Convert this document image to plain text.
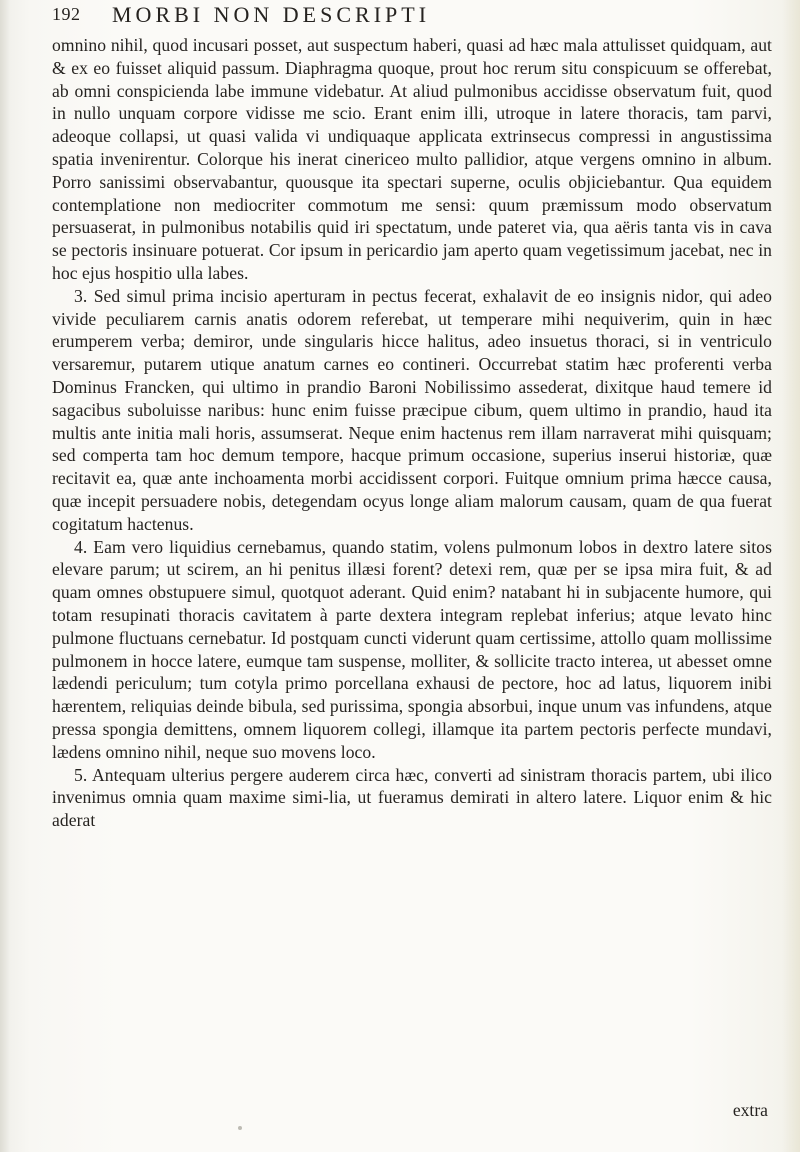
192 MORBI NON DESCRIPTI

omnino nihil, quod incusari posset, aut suspectum haberi, quasi ad hæc mala attulisset quidquam, aut & ex eo fuisset aliquid passum. Diaphragma quoque, prout hoc rerum situ conspicuum se offerebat, ab omni conspicienda labe immune videbatur. At aliud pulmonibus accidisse observatum fuit, quod in nullo unquam corpore vidisse me scio. Erant enim illi, utroque in latere thoracis, tam parvi, adeoque collapsi, ut quasi valida vi undiquaque applicata extrinsecus compressi in angustissima spatia invenirentur. Colorque his inerat cinericeo multo pallidior, atque vergens omnino in album. Porro sanissimi observabantur, quousque ita spectari superne, oculis objiciebantur. Qua equidem contemplatione non mediocriter commotum me sensi: quum præmissum modo observatum persuaserat, in pulmonibus notabilis quid iri spectatum, unde pateret via, qua aëris tanta vis in cava se pectoris insinuare potuerat. Cor ipsum in pericardio jam aperto quam vegetissimum jacebat, nec in hoc ejus hospitio ulla labes.

3. Sed simul prima incisio aperturam in pectus fecerat, exhalavit de eo insignis nidor, qui adeo vivide peculiarem carnis anatis odorem referebat, ut temperare mihi nequiverim, quin in hæc erumperem verba; demiror, unde singularis hicce halitus, adeo insuetus thoraci, si in ventriculo versaremur, putarem utique anatum carnes eo contineri. Occurrebat statim hæc proferenti verba Dominus Francken, qui ultimo in prandio Baroni Nobilissimo assederat, dixitque haud temere id sagacibus suboluisse naribus: hunc enim fuisse præcipue cibum, quem ultimo in prandio, haud ita multis ante initia mali horis, assumserat. Neque enim hactenus rem illam narraverat mihi quisquam; sed comperta tam hoc demum tempore, hacque primum occasione, superius inserui historiæ, quæ recitavit ea, quæ ante inchoamenta morbi accidissent corpori. Fuitque omnium prima hæcce causa, quæ incepit persuadere nobis, detegendam ocyus longe aliam malorum causam, quam de qua fuerat cogitatum hactenus.

4. Eam vero liquidius cernebamus, quando statim, volens pulmonum lobos in dextro latere sitos elevare parum; ut scirem, an hi penitus illæsi forent? detexi rem, quæ per se ipsa mira fuit, & ad quam omnes obstupuere simul, quotquot aderant. Quid enim? natabant hi in subjacente humore, qui totam resupinati thoracis cavitatem à parte dextera integram replebat inferius; atque levato hinc pulmone fluctuans cernebatur. Id postquam cuncti viderunt quam certissime, attollo quam mollissime pulmonem in hocce latere, eumque tam suspense, molliter, & sollicite tracto interea, ut abesset omne lædendi periculum; tum cotyla primo porcellana exhausi de pectore, hoc ad latus, liquorem inibi hærentem, reliquias deinde bibula, sed purissima, spongia absorbui, inque unum vas infundens, atque pressa spongia demittens, omnem liquorem collegi, illamque ita partem pectoris perfecte mundavi, lædens omnino nihil, neque suo movens loco.

5. Antequam ulterius pergere auderem circa hæc, converti ad sinistram thoracis partem, ubi ilico invenimus omnia quam maxime simi-lia, ut fueramus demirati in altero latere. Liquor enim & hic aderat

extra
